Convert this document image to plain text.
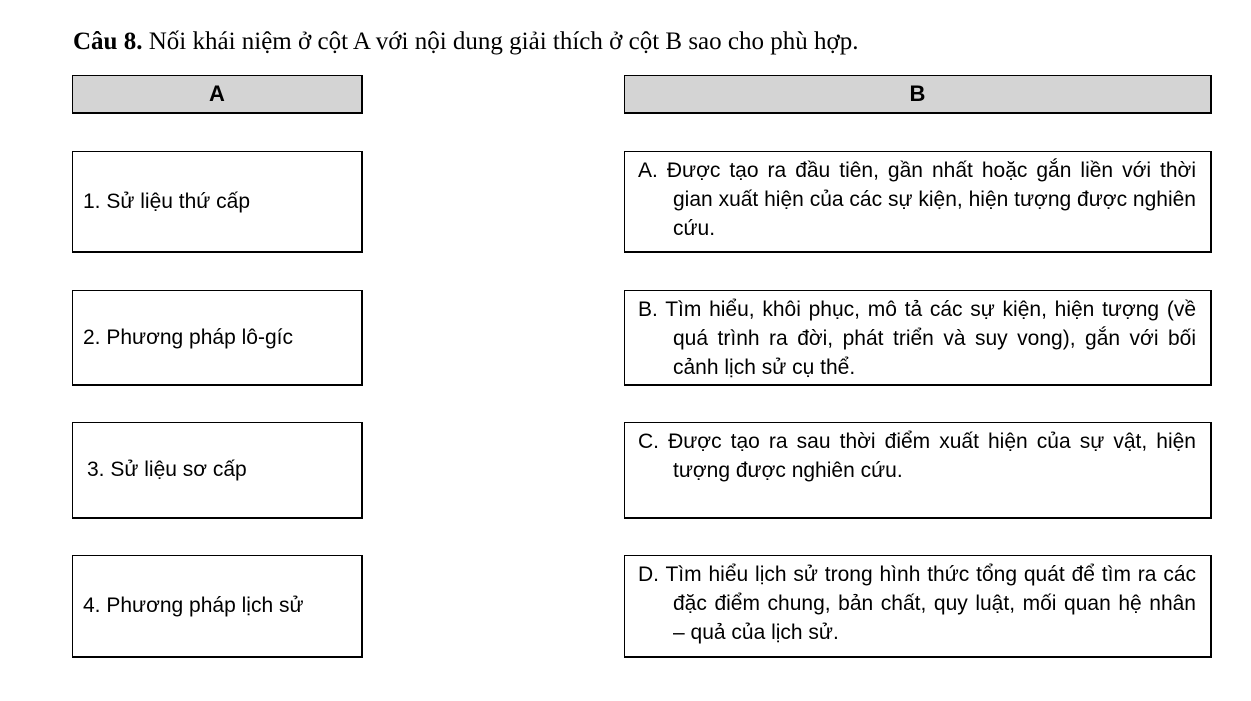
Câu 8. Nối khái niệm ở cột A với nội dung giải thích ở cột B sao cho phù hợp.
A	B
1. Sử liệu thứ cấp
2. Phương pháp lô-gíc
3. Sử liệu sơ cấp
4. Phương pháp lịch sử
A. Được tạo ra đầu tiên, gần nhất hoặc gắn liền với thời gian xuất hiện của các sự kiện, hiện tượng được nghiên cứu.
B. Tìm hiểu, khôi phục, mô tả các sự kiện, hiện tượng (về quá trình ra đời, phát triển và suy vong), gắn với bối cảnh lịch sử cụ thể.
C. Được tạo ra sau thời điểm xuất hiện của sự vật, hiện tượng được nghiên cứu.
D. Tìm hiểu lịch sử trong hình thức tổng quát để tìm ra các đặc điểm chung, bản chất, quy luật, mối quan hệ nhân – quả của lịch sử.
